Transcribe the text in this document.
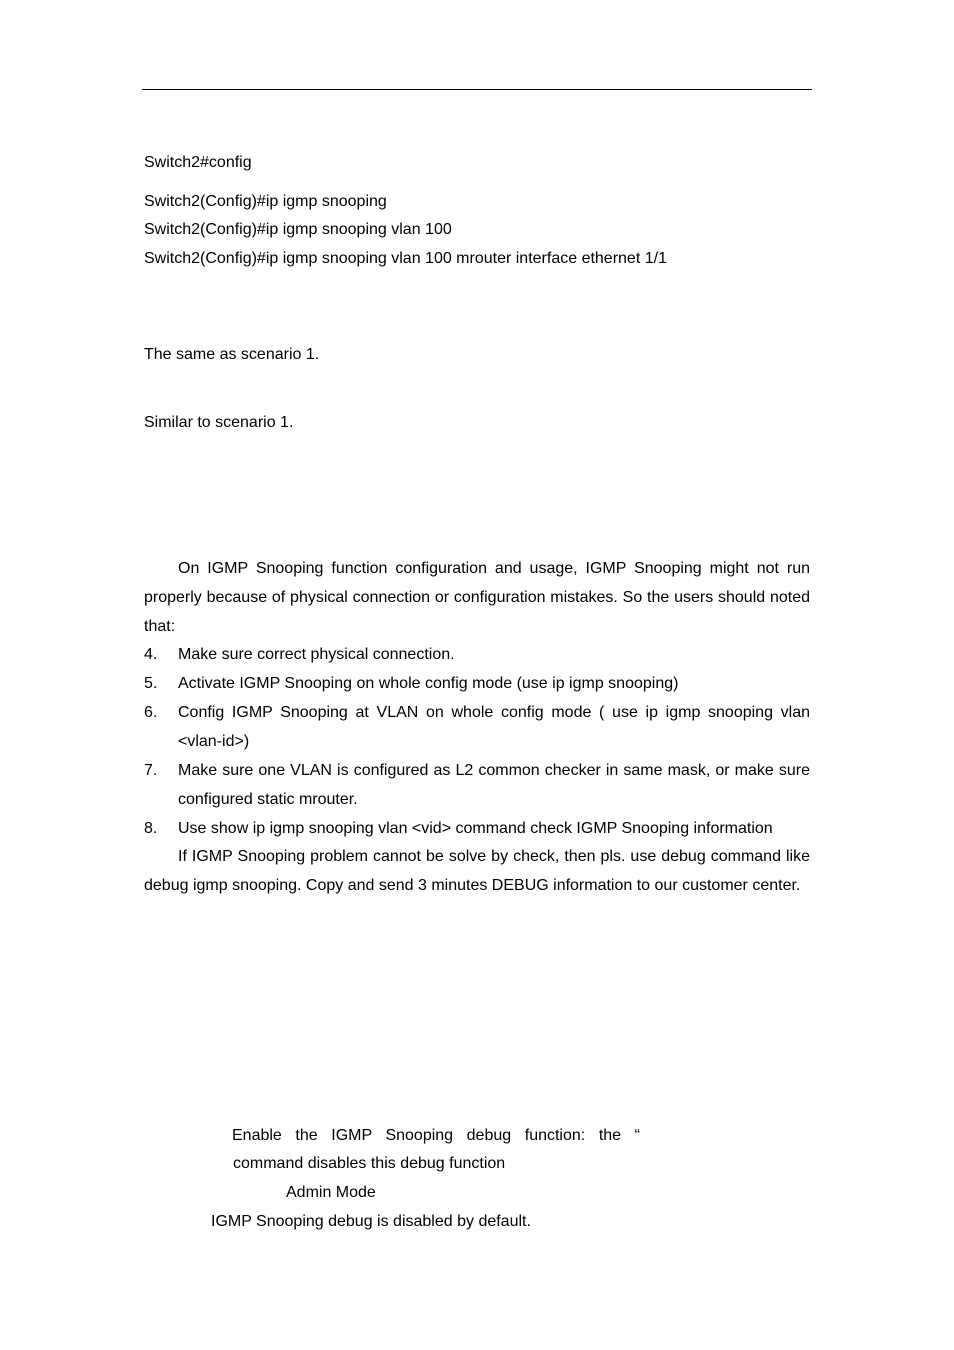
Switch2#config
Switch2(Config)#ip igmp snooping
Switch2(Config)#ip igmp snooping vlan 100
Switch2(Config)#ip igmp snooping vlan 100 mrouter interface ethernet 1/1
The same as scenario 1.
Similar to scenario 1.

On IGMP Snooping function configuration and usage, IGMP Snooping might not run properly because of physical connection or configuration mistakes. So the users should noted that:

4. Make sure correct physical connection.
5. Activate IGMP Snooping on whole config mode (use ip igmp snooping)
6. Config IGMP Snooping at VLAN on whole config mode ( use ip igmp snooping vlan <vlan-id>)
7. Make sure one VLAN is configured as L2 common checker in same mask, or make sure configured static mrouter.
8. Use show ip igmp snooping vlan <vid> command check IGMP Snooping information

If IGMP Snooping problem cannot be solve by check, then pls. use debug command like debug igmp snooping. Copy and send 3 minutes DEBUG information to our customer center.

Enable the IGMP Snooping debug function: the “
command disables this debug function
Admin Mode
IGMP Snooping debug is disabled by default.
